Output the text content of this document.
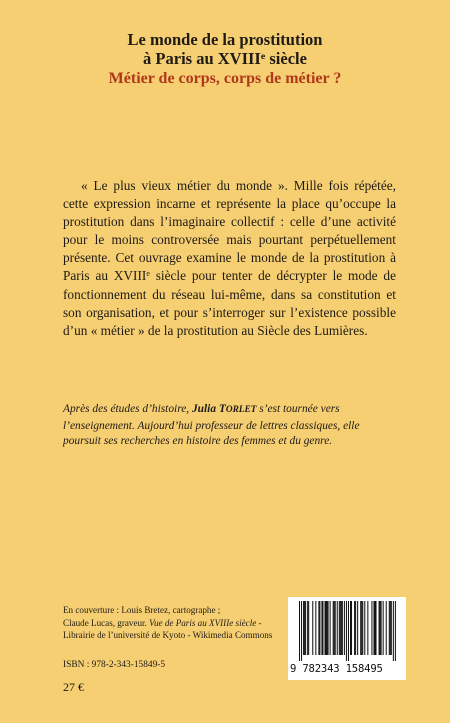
Le monde de la prostitution
à Paris au XVIIIe siècle
Métier de corps, corps de métier ?

« Le plus vieux métier du monde ». Mille fois répétée, cette expression incarne et représente la place qu’occupe la prostitution dans l’imaginaire collectif : celle d’une activité pour le moins controversée mais pourtant perpétuellement présente. Cet ouvrage examine le monde de la prostitution à Paris au XVIIIe siècle pour tenter de décrypter le mode de fonctionnement du réseau lui-même, dans sa constitution et son organisation, et pour s’interroger sur l’existence possible d’un « métier » de la prostitution au Siècle des Lumières.

Après des études d’histoire, Julia TORLET s’est tournée vers l’enseignement. Aujourd’hui professeur de lettres classiques, elle poursuit ses recherches en histoire des femmes et du genre.

En couverture : Louis Bretez, cartographe ;
Claude Lucas, graveur. Vue de Paris au XVIIIe siècle -
Librairie de l’université de Kyoto - Wikimedia Commons
ISBN : 978-2-343-15849-5
27 €
9 782343 158495
